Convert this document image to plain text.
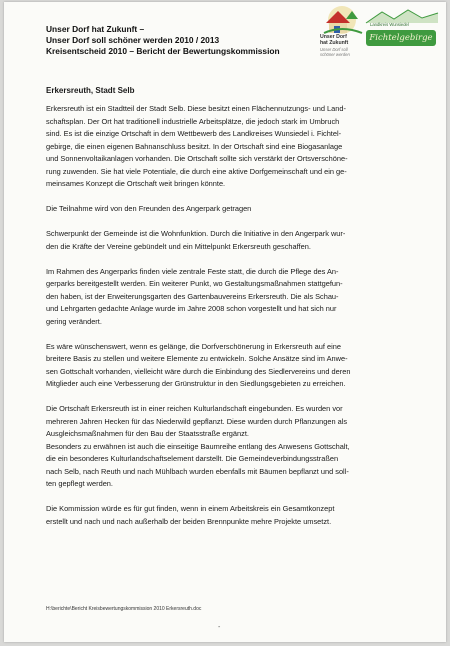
Unser Dorf hat Zukunft –
Unser Dorf soll schöner werden 2010 / 2013
Kreisentscheid 2010 – Bericht der Bewertungskommission
Unser Dorf
hat Zukunft
Unser Dorf soll
schöner werden
Landkreis Wunsiedel
Fichtelgebirge
Erkersreuth, Stadt Selb
Erkersreuth ist ein Stadtteil der Stadt Selb. Diese besitzt einen Flächennutzungs- und Land-
schaftsplan. Der Ort hat traditionell industrielle Arbeitsplätze, die jedoch stark im Umbruch
sind. Es ist die einzige Ortschaft in dem Wettbewerb des Landkreises Wunsiedel i. Fichtel-
gebirge, die einen eigenen Bahnanschluss besitzt. In der Ortschaft sind eine Biogasanlage
und Sonnenvoltaikanlagen vorhanden. Die Ortschaft sollte sich verstärkt der Ortsverschöne-
rung zuwenden. Sie hat viele Potentiale, die durch eine aktive Dorfgemeinschaft und ein ge-
meinsames Konzept die Ortschaft weit bringen könnte.
Die Teilnahme wird von den Freunden des Angerpark getragen
Schwerpunkt der Gemeinde ist die Wohnfunktion. Durch die Initiative in den Angerpark wur-
den die Kräfte der Vereine gebündelt und ein Mittelpunkt Erkersreuth geschaffen.
Im Rahmen des Angerparks finden viele zentrale Feste statt, die durch die Pflege des An-
gerparks bereitgestellt werden. Ein weiterer Punkt, wo Gestaltungsmaßnahmen stattgefun-
den haben, ist der Erweiterungsgarten des Gartenbauvereins Erkersreuth. Die als Schau-
und Lehrgarten gedachte Anlage wurde im Jahre 2008 schon vorgestellt und hat sich nur
gering verändert.
Es wäre wünschenswert, wenn es gelänge, die Dorfverschönerung in Erkersreuth auf eine
breitere Basis zu stellen und weitere Elemente zu entwickeln. Solche Ansätze sind im Anwe-
sen Gottschalt vorhanden, vielleicht wäre durch die Einbindung des Siedlervereins und deren
Mitglieder auch eine Verbesserung der Grünstruktur in den Siedlungsgebieten zu erreichen.
Die Ortschaft Erkersreuth ist in einer reichen Kulturlandschaft eingebunden. Es wurden vor
mehreren Jahren Hecken für das Niederwild gepflanzt. Diese wurden durch Pflanzungen als
Ausgleichsmaßnahmen für den Bau der Staatsstraße ergänzt.
Besonders zu erwähnen ist auch die einseitige Baumreihe entlang des Anwesens Gottschalt,
die ein besonderes Kulturlandschaftselement darstellt. Die Gemeindeverbindungsstraßen
nach Selb, nach Reuth und nach Mühlbach wurden ebenfalls mit Bäumen bepflanzt und soll-
ten gepflegt werden.
Die Kommission würde es für gut finden, wenn in einem Arbeitskreis ein Gesamtkonzept
erstellt und nach und nach außerhalb der beiden Brennpunkte mehre Projekte umsetzt.
H:\berichte\Bericht Kreisbewertungskommission 2010 Erkersreuth.doc
-
